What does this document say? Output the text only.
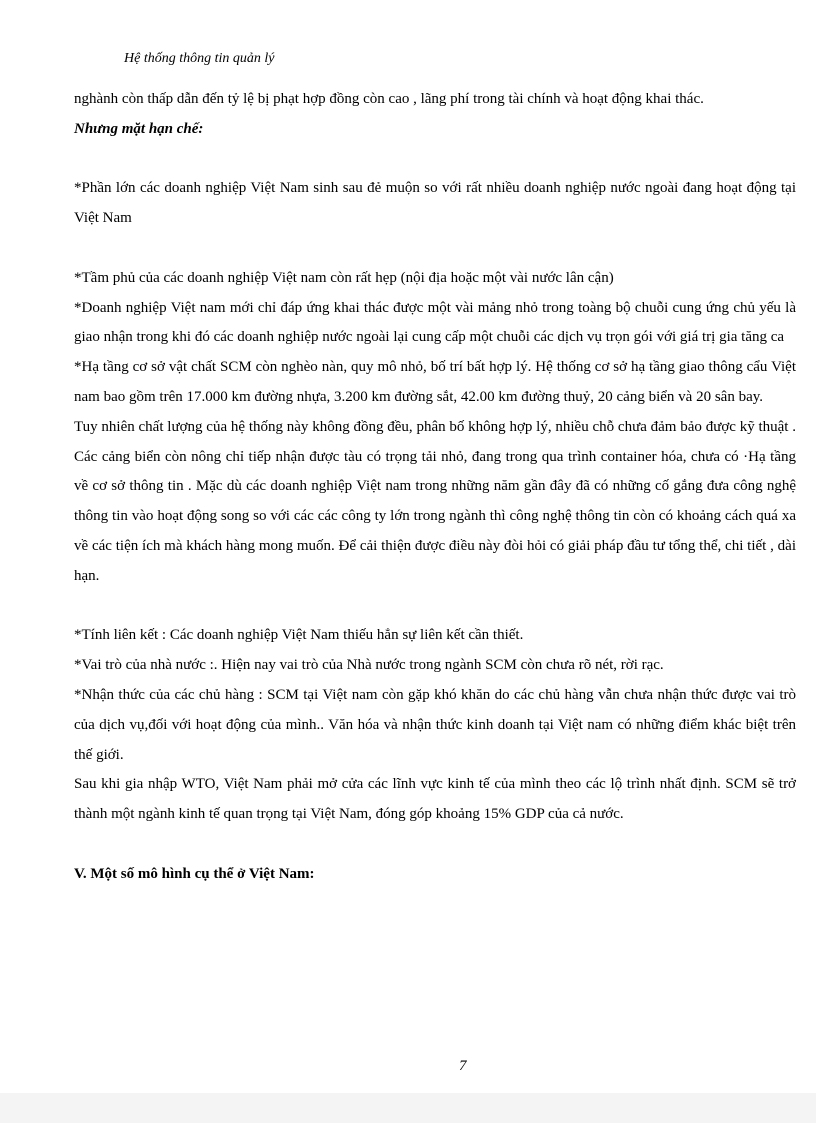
Hệ thống thông tin quản lý

nghành còn thấp dẫn đến tỷ lệ bị phạt hợp đồng còn cao , lãng phí trong tài chính và hoạt động khai thác.

Nhưng mặt hạn chế:

*Phần lớn các doanh nghiệp Việt Nam sinh sau đẻ muộn so với rất nhiều doanh nghiệp nước ngoài đang hoạt động tại Việt Nam

*Tầm phủ của các doanh nghiệp Việt nam còn rất hẹp (nội địa hoặc một vài nước lân cận)

*Doanh nghiệp Việt nam mới chỉ đáp ứng khai thác được một vài mảng nhỏ trong toàng bộ chuỗi cung ứng chủ yếu là giao nhận trong khi đó các doanh nghiệp nước ngoài lại cung cấp một chuỗi các dịch vụ trọn gói với giá trị gia tăng ca

*Hạ tầng cơ sở vật chất SCM còn nghèo nàn, quy mô nhỏ, bố trí bất hợp lý. Hệ thống cơ sở hạ tầng giao thông cẩu Việt nam bao gồm trên 17.000 km đường nhựa, 3.200 km đường sắt, 42.00 km đường thuỷ, 20 cảng biển và 20 sân bay.

Tuy nhiên chất lượng của hệ thống này không đồng đều, phân bố không hợp lý, nhiều chỗ chưa đảm bảo được kỹ thuật . Các cảng biển còn nông chỉ tiếp nhận được tàu có trọng tải nhỏ, đang trong qua trình container hóa, chưa có ·Hạ tầng về cơ sở thông tin . Mặc dù các doanh nghiệp Việt nam trong những năm gần đây đã có những cố gắng đưa công nghệ thông tin vào hoạt động song so với các các công ty lớn trong ngành thì công nghệ thông tin còn có khoảng cách quá xa về các tiện ích mà khách hàng mong muốn. Để cải thiện được điều này đòi hỏi có giải pháp đầu tư tổng thể, chi tiết , dài hạn.

*Tính liên kết : Các doanh nghiệp Việt Nam thiếu hẳn sự liên kết cần thiết.

*Vai trò của nhà nước :. Hiện nay vai trò của Nhà nước trong ngành SCM còn chưa rõ nét, rời rạc.

*Nhận thức của các chủ hàng : SCM tại Việt nam còn gặp khó khăn do các chủ hàng vẫn chưa nhận thức được vai trò của dịch vụ,đối với hoạt động của mình.. Văn hóa và nhận thức kinh doanh tại Việt nam có những điểm khác biệt trên thế giới.

Sau khi gia nhập WTO, Việt Nam phải mở cửa các lĩnh vực kinh tế của mình theo các lộ trình nhất định. SCM sẽ trở thành một ngành kinh tế quan trọng tại Việt Nam, đóng góp khoảng 15% GDP của cả nước.

V. Một số mô hình cụ thể ở Việt Nam:

7
